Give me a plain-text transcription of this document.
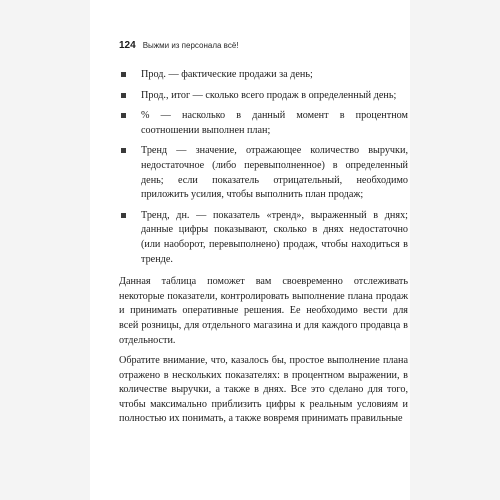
124 Выжми из персонала всё!
Прод. — фактические продажи за день;
Прод., итог — сколько всего продаж в определенный день;
% — насколько в данный момент в процентном соотношении выполнен план;
Тренд — значение, отражающее количество выручки, недостаточное (либо перевыполненное) в определенный день; если показатель отрицательный, необходимо приложить усилия, чтобы выполнить план продаж;
Тренд, дн. — показатель «тренд», выраженный в днях; данные цифры показывают, сколько в днях недостаточно (или наоборот, перевыполнено) продаж, чтобы находиться в тренде.

Данная таблица поможет вам своевременно отслеживать некоторые показатели, контролировать выполнение плана продаж и принимать оперативные решения. Ее необходимо вести для всей розницы, для отдельного магазина и для каждого продавца в отдельности.

Обратите внимание, что, казалось бы, простое выполнение плана отражено в нескольких показателях: в процентном выражении, в количестве выручки, а также в днях. Все это сделано для того, чтобы максимально приблизить цифры к реальным условиям и полностью их понимать, а также вовремя принимать правильные
